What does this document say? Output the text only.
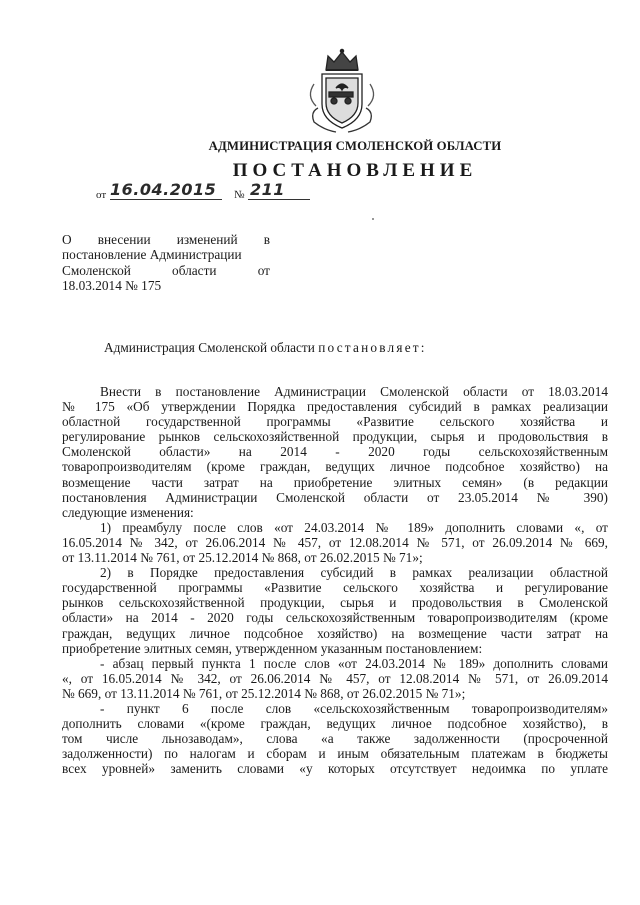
АДМИНИСТРАЦИЯ СМОЛЕНСКОЙ ОБЛАСТИ
ПОСТАНОВЛЕНИЕ
от 16.04.2015 № 211
О внесении изменений в
постановление Администрации
Смоленской области от
18.03.2014 № 175
Администрация Смоленской области постановляет:
Внести в постановление Администрации Смоленской области от 18.03.2014
№ 175 «Об утверждении Порядка предоставления субсидий в рамках реализации
областной государственной программы «Развитие сельского хозяйства и
регулирование рынков сельскохозяйственной продукции, сырья и продовольствия в
Смоленской области» на 2014 - 2020 годы сельскохозяйственным
товаропроизводителям (кроме граждан, ведущих личное подсобное хозяйство) на
возмещение части затрат на приобретение элитных семян» (в редакции
постановления Администрации Смоленской области от 23.05.2014 № 390)
следующие изменения:
1) преамбулу после слов «от 24.03.2014 № 189» дополнить словами «, от
16.05.2014 № 342, от 26.06.2014 № 457, от 12.08.2014 № 571, от 26.09.2014 № 669,
от 13.11.2014 № 761, от 25.12.2014 № 868, от 26.02.2015 № 71»;
2) в Порядке предоставления субсидий в рамках реализации областной
государственной программы «Развитие сельского хозяйства и регулирование
рынков сельскохозяйственной продукции, сырья и продовольствия в Смоленской
области» на 2014 - 2020 годы сельскохозяйственным товаропроизводителям (кроме
граждан, ведущих личное подсобное хозяйство) на возмещение части затрат на
приобретение элитных семян, утвержденном указанным постановлением:
- абзац первый пункта 1 после слов «от 24.03.2014 № 189» дополнить словами
«, от 16.05.2014 № 342, от 26.06.2014 № 457, от 12.08.2014 № 571, от 26.09.2014
№ 669, от 13.11.2014 № 761, от 25.12.2014 № 868, от 26.02.2015 № 71»;
- пункт 6 после слов «сельскохозяйственным товаропроизводителям»
дополнить словами «(кроме граждан, ведущих личное подсобное хозяйство), в
том числе льнозаводам», слова «а также задолженности (просроченной
задолженности) по налогам и сборам и иным обязательным платежам в бюджеты
всех уровней» заменить словами «у которых отсутствует недоимка по уплате
